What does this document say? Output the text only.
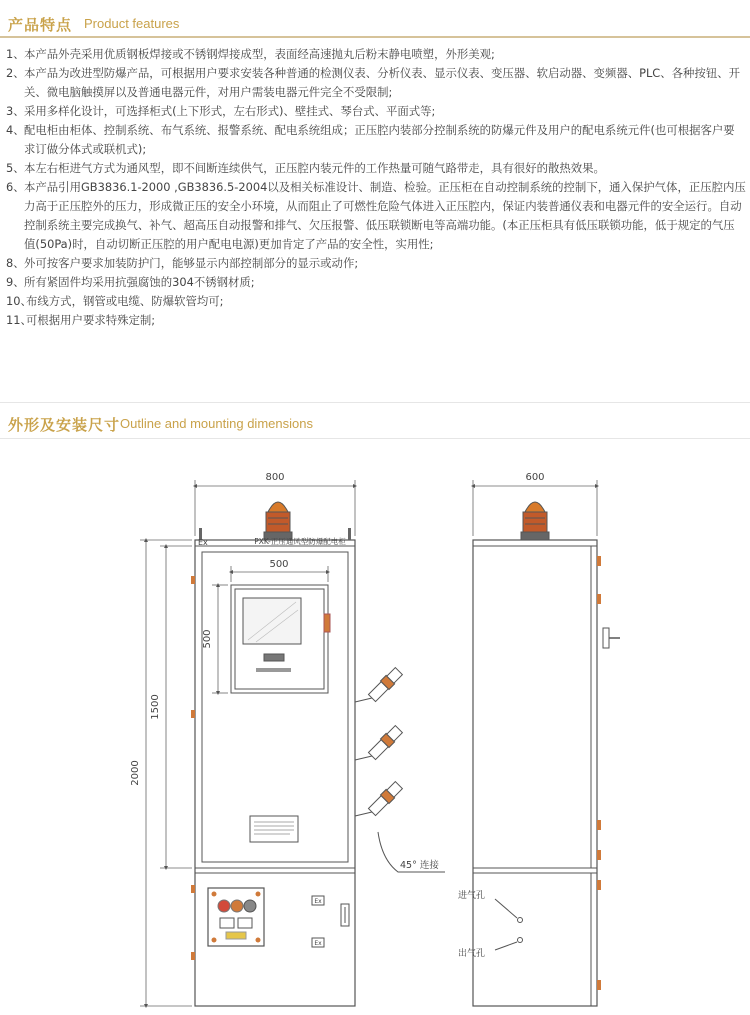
产品特点 Product features
1、 本产品外壳采用优质钢板焊接或不锈钢焊接成型，表面经高速抛丸后粉末静电喷塑，外形美观;
2、 本产品为改进型防爆产品，可根据用户要求安装各种普通的检测仪表、分析仪表、显示仪表、变压器、软启动器、变频器、PLC、各种按钮、开关、微电脑触摸屏以及普通电器元件，对用户需装电器元件完全不受限制;
3、 采用多样化设计，可选择柜式(上下形式，左右形式)、壁挂式、琴台式、平面式等;
4、 配电柜由柜体、控制系统、布气系统、报警系统、配电系统组成；正压腔内装部分控制系统的防爆元件及用户的配电系统元件(也可根据客户要求订做分体式或联机式);
5、 本左右柜进气方式为通风型，即不间断连续供气，正压腔内装元件的工作热量可随气路带走，具有很好的散热效果。
6、 本产品引用GB3836.1-2000 ,GB3836.5-2004以及相关标准设计、制造、检验。正压柜在自动控制系统的控制下，通入保护气体，正压腔内压力高于正压腔外的压力，形成微正压的安全小环境，从而阻止了可燃性危险气体进入正压腔内，保证内装普通仪表和电器元件的安全运行。自动控制系统主要完成换气、补气、超高压自动报警和排气、欠压报警、低压联锁断电等高端功能。(本正压柜具有低压联锁功能，低于规定的气压值(50Pa)时，自动切断正压腔的用户配电电源)更加肯定了产品的安全性，实用性;
8、 外可按客户要求加装防护门，能够显示内部控制部分的显示或动作;
9、 所有紧固件均采用抗强腐蚀的304不锈钢材质;
10、
布线方式，钢管或电缆、防爆软管均可;
11、
可根据用户要求特殊定制;
外形及安装尺寸 Outline and mounting dimensions
800
500
500
1500
2000
Ex	PXK-正压通风型防爆配电柜
Ex
Ex
45° 连接
600
进气孔
出气孔
